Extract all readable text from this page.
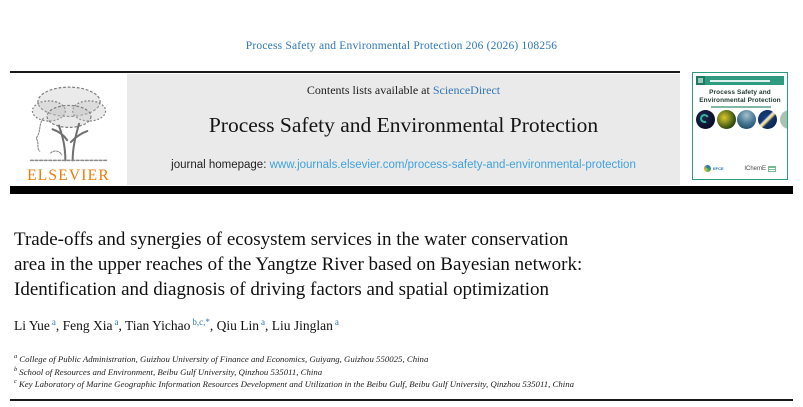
Process Safety and Environmental Protection 206 (2026) 108256
ELSEVIER
Contents lists available at ScienceDirect
Process Safety and Environmental Protection
journal homepage: www.journals.elsevier.com/process-safety-and-environmental-protection
Process Safety and
Environmental Protection
EFCE	IChemE
Trade-offs and synergies of ecosystem services in the water conservation
area in the upper reaches of the Yangtze River based on Bayesian network:
Identification and diagnosis of driving factors and spatial optimization
Li Yue $^a$, Feng Xia $^a$, Tian Yichao $^{b,c,*}$, Qiu Lin $^a$, Liu Jinglan $^a$
$^a$ College of Public Administration, Guizhou University of Finance and Economics, Guiyang, Guizhou 550025, China
$^b$ School of Resources and Environment, Beibu Gulf University, Qinzhou 535011, China
$^c$ Key Laboratory of Marine Geographic Information Resources Development and Utilization in the Beibu Gulf, Beibu Gulf University, Qinzhou 535011, China
